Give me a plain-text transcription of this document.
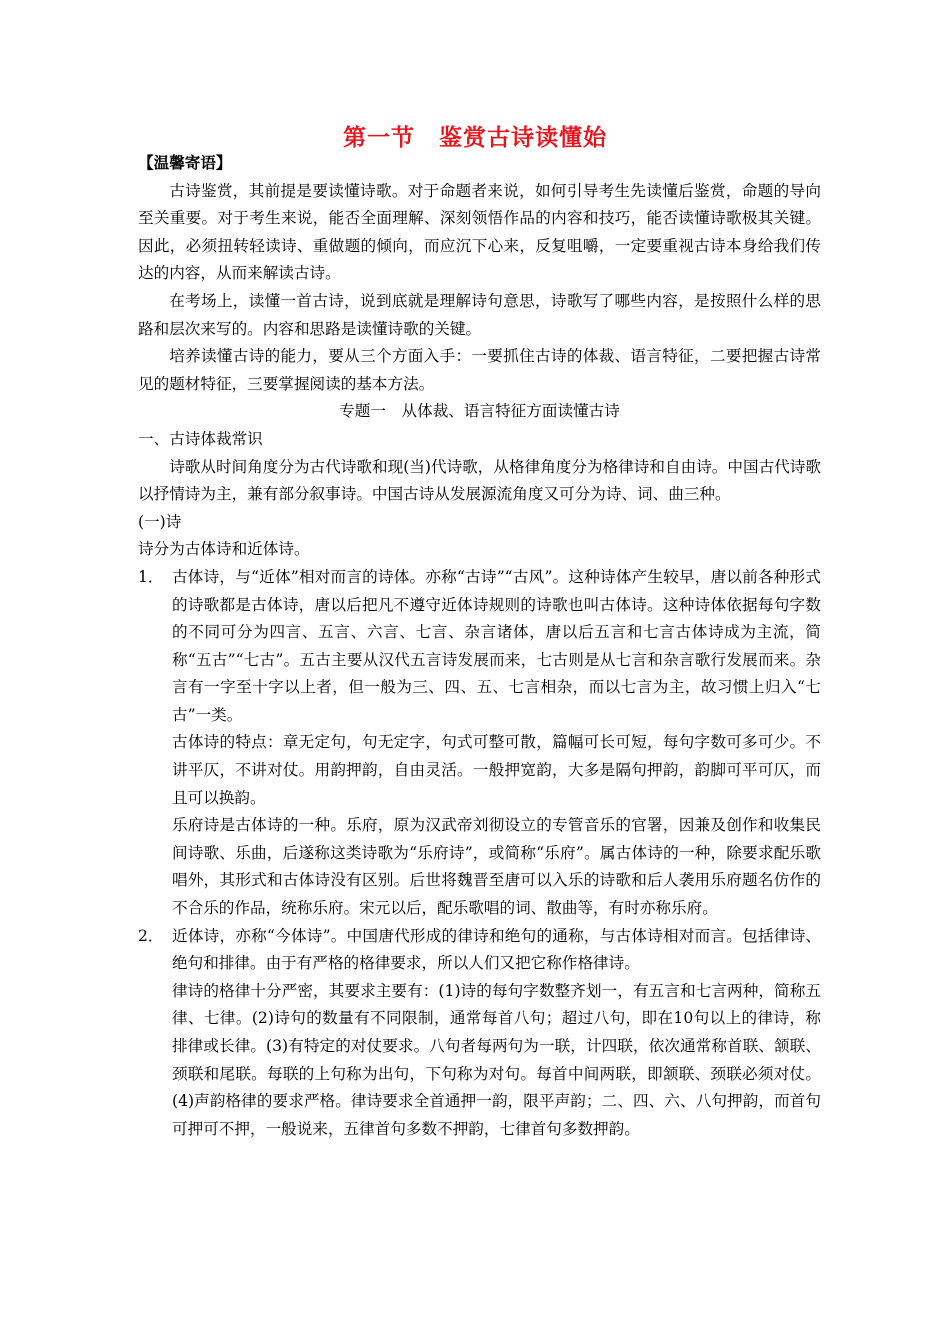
第一节　鉴赏古诗读懂始

【温馨寄语】

古诗鉴赏，其前提是要读懂诗歌。对于命题者来说，如何引导考生先读懂后鉴赏，命题的导向至关重要。对于考生来说，能否全面理解、深刻领悟作品的内容和技巧，能否读懂诗歌极其关键。因此，必须扭转轻读诗、重做题的倾向，而应沉下心来，反复咀嚼，一定要重视古诗本身给我们传达的内容，从而来解读古诗。

在考场上，读懂一首古诗，说到底就是理解诗句意思，诗歌写了哪些内容，是按照什么样的思路和层次来写的。内容和思路是读懂诗歌的关键。

培养读懂古诗的能力，要从三个方面入手：一要抓住古诗的体裁、语言特征，二要把握古诗常见的题材特征，三要掌握阅读的基本方法。

专题一　从体裁、语言特征方面读懂古诗

一、古诗体裁常识

诗歌从时间角度分为古代诗歌和现(当)代诗歌，从格律角度分为格律诗和自由诗。中国古代诗歌以抒情诗为主，兼有部分叙事诗。中国古诗从发展源流角度又可分为诗、词、曲三种。

(一)诗

诗分为古体诗和近体诗。

1． 古体诗，与“近体”相对而言的诗体。亦称“古诗”“古风”。这种诗体产生较早，唐以前各种形式的诗歌都是古体诗，唐以后把凡不遵守近体诗规则的诗歌也叫古体诗。这种诗体依据每句字数的不同可分为四言、五言、六言、七言、杂言诸体，唐以后五言和七言古体诗成为主流，简称“五古”“七古”。五古主要从汉代五言诗发展而来，七古则是从七言和杂言歌行发展而来。杂言有一字至十字以上者，但一般为三、四、五、七言相杂，而以七言为主，故习惯上归入“七古”一类。

古体诗的特点：章无定句，句无定字，句式可整可散，篇幅可长可短，每句字数可多可少。不讲平仄，不讲对仗。用韵押韵，自由灵活。一般押宽韵，大多是隔句押韵，韵脚可平可仄，而且可以换韵。

乐府诗是古体诗的一种。乐府，原为汉武帝刘彻设立的专管音乐的官署，因兼及创作和收集民间诗歌、乐曲，后遂称这类诗歌为“乐府诗”，或简称“乐府”。属古体诗的一种，除要求配乐歌唱外，其形式和古体诗没有区别。后世将魏晋至唐可以入乐的诗歌和后人袭用乐府题名仿作的不合乐的作品，统称乐府。宋元以后，配乐歌唱的词、散曲等，有时亦称乐府。

2． 近体诗，亦称“今体诗”。中国唐代形成的律诗和绝句的通称，与古体诗相对而言。包括律诗、绝句和排律。由于有严格的格律要求，所以人们又把它称作格律诗。

律诗的格律十分严密，其要求主要有：(1)诗的每句字数整齐划一，有五言和七言两种，简称五律、七律。(2)诗句的数量有不同限制，通常每首八句；超过八句，即在10句以上的律诗，称排律或长律。(3)有特定的对仗要求。八句者每两句为一联，计四联，依次通常称首联、颔联、颈联和尾联。每联的上句称为出句，下句称为对句。每首中间两联，即颔联、颈联必须对仗。(4)声韵格律的要求严格。律诗要求全首通押一韵，限平声韵；二、四、六、八句押韵，而首句可押可不押，一般说来，五律首句多数不押韵，七律首句多数押韵。
